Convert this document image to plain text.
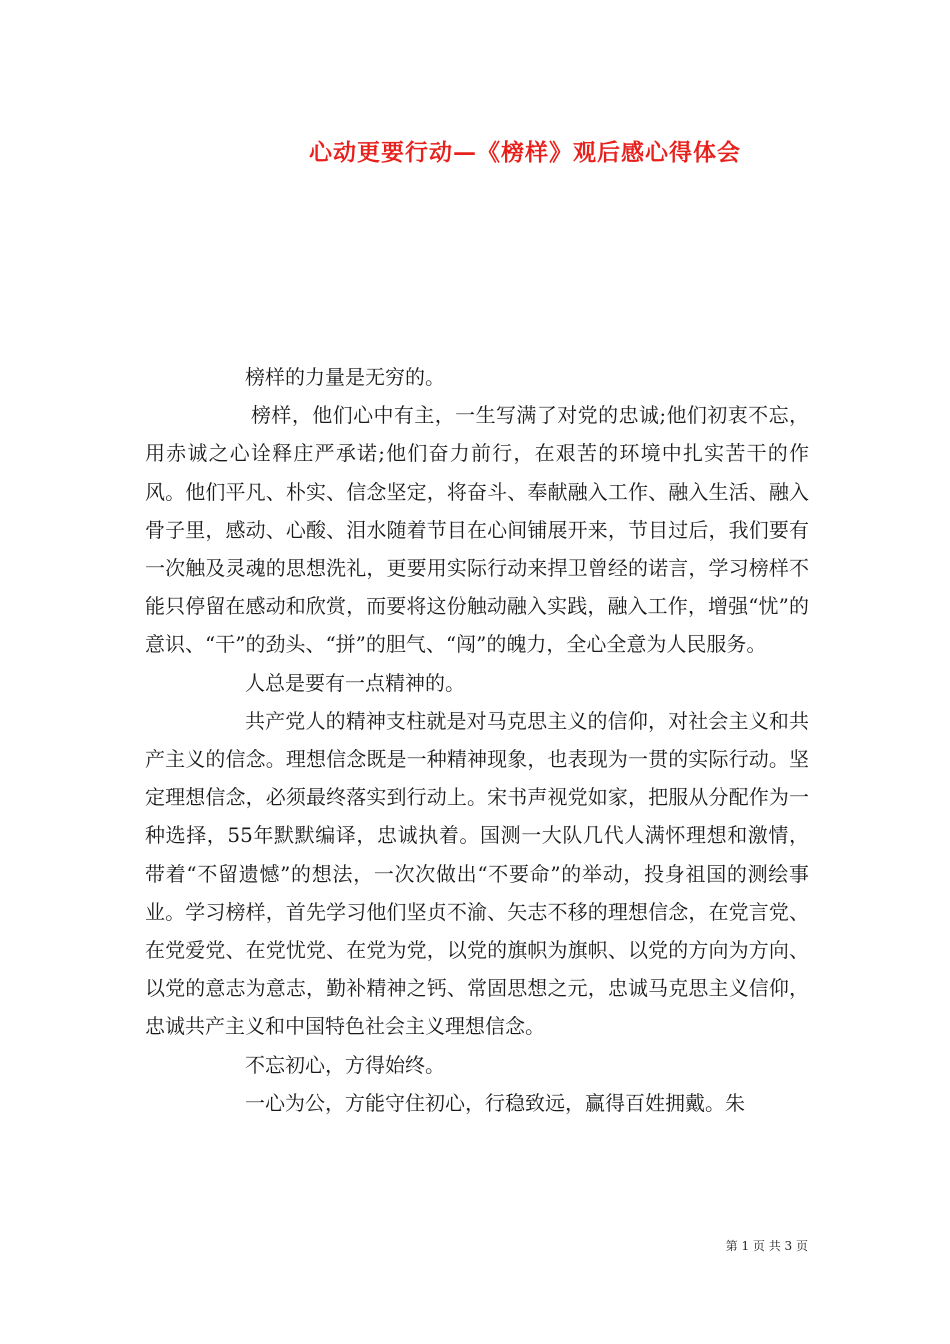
心动更要行动—《榜样》观后感心得体会

榜样的力量是无穷的。

榜样，他们心中有主，一生写满了对党的忠诚;他们初衷不忘，用赤诚之心诠释庄严承诺;他们奋力前行，在艰苦的环境中扎实苦干的作风。他们平凡、朴实、信念坚定，将奋斗、奉献融入工作、融入生活、融入骨子里，感动、心酸、泪水随着节目在心间铺展开来，节目过后，我们要有一次触及灵魂的思想洗礼，更要用实际行动来捍卫曾经的诺言，学习榜样不能只停留在感动和欣赏，而要将这份触动融入实践，融入工作，增强“忧”的意识、“干”的劲头、“拼”的胆气、“闯”的魄力，全心全意为人民服务。

人总是要有一点精神的。

共产党人的精神支柱就是对马克思主义的信仰，对社会主义和共产主义的信念。理想信念既是一种精神现象，也表现为一贯的实际行动。坚定理想信念，必须最终落实到行动上。宋书声视党如家，把服从分配作为一种选择，55年默默编译，忠诚执着。国测一大队几代人满怀理想和激情，带着“不留遗憾”的想法，一次次做出“不要命”的举动，投身祖国的测绘事业。学习榜样，首先学习他们坚贞不渝、矢志不移的理想信念，在党言党、在党爱党、在党忧党、在党为党，以党的旗帜为旗帜、以党的方向为方向、以党的意志为意志，勤补精神之钙、常固思想之元，忠诚马克思主义信仰，忠诚共产主义和中国特色社会主义理想信念。

不忘初心，方得始终。

一心为公，方能守住初心，行稳致远，赢得百姓拥戴。朱

第 1 页 共 3 页
